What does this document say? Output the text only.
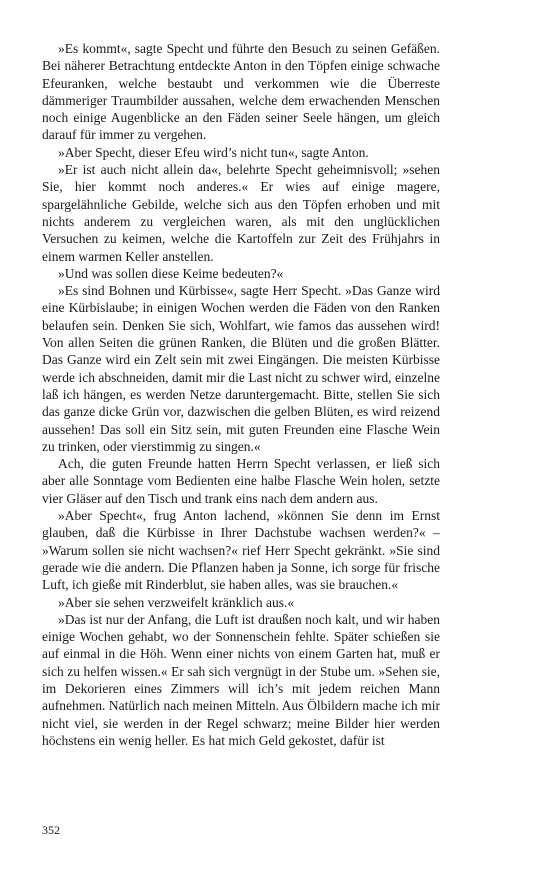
»Es kommt«, sagte Specht und führte den Besuch zu seinen Gefäßen. Bei näherer Betrachtung entdeckte Anton in den Töpfen einige schwache Efeuranken, welche bestaubt und verkommen wie die Überreste dämmeriger Traumbilder aussahen, welche dem erwachenden Menschen noch einige Augenblicke an den Fäden seiner Seele hängen, um gleich darauf für immer zu vergehen.

»Aber Specht, dieser Efeu wird’s nicht tun«, sagte Anton.

»Er ist auch nicht allein da«, belehrte Specht geheimnisvoll; »sehen Sie, hier kommt noch anderes.« Er wies auf einige magere, spargelähnliche Gebilde, welche sich aus den Töpfen erhoben und mit nichts anderem zu vergleichen waren, als mit den unglücklichen Versuchen zu keimen, welche die Kartoffeln zur Zeit des Frühjahrs in einem warmen Keller anstellen.

»Und was sollen diese Keime bedeuten?«

»Es sind Bohnen und Kürbisse«, sagte Herr Specht. »Das Ganze wird eine Kürbislaube; in einigen Wochen werden die Fäden von den Ranken belaufen sein. Denken Sie sich, Wohlfart, wie famos das aussehen wird! Von allen Seiten die grünen Ranken, die Blüten und die großen Blätter. Das Ganze wird ein Zelt sein mit zwei Eingängen. Die meisten Kürbisse werde ich abschneiden, damit mir die Last nicht zu schwer wird, einzelne laß ich hängen, es werden Netze daruntergemacht. Bitte, stellen Sie sich das ganze dicke Grün vor, dazwischen die gelben Blüten, es wird reizend aussehen! Das soll ein Sitz sein, mit guten Freunden eine Flasche Wein zu trinken, oder vierstimmig zu singen.«

Ach, die guten Freunde hatten Herrn Specht verlassen, er ließ sich aber alle Sonntage vom Bedienten eine halbe Flasche Wein holen, setzte vier Gläser auf den Tisch und trank eins nach dem andern aus.

»Aber Specht«, frug Anton lachend, »können Sie denn im Ernst glauben, daß die Kürbisse in Ihrer Dachstube wachsen werden?« – »Warum sollen sie nicht wachsen?« rief Herr Specht gekränkt. »Sie sind gerade wie die andern. Die Pflanzen haben ja Sonne, ich sorge für frische Luft, ich gieße mit Rinderblut, sie haben alles, was sie brauchen.«

»Aber sie sehen verzweifelt kränklich aus.«

»Das ist nur der Anfang, die Luft ist draußen noch kalt, und wir haben einige Wochen gehabt, wo der Sonnenschein fehlte. Später schießen sie auf einmal in die Höh. Wenn einer nichts von einem Garten hat, muß er sich zu helfen wissen.« Er sah sich vergnügt in der Stube um. »Sehen sie, im Dekorieren eines Zimmers will ich’s mit jedem reichen Mann aufnehmen. Natürlich nach meinen Mitteln. Aus Ölbildern mache ich mir nicht viel, sie werden in der Regel schwarz; meine Bilder hier werden höchstens ein wenig heller. Es hat mich Geld gekostet, dafür ist

352
